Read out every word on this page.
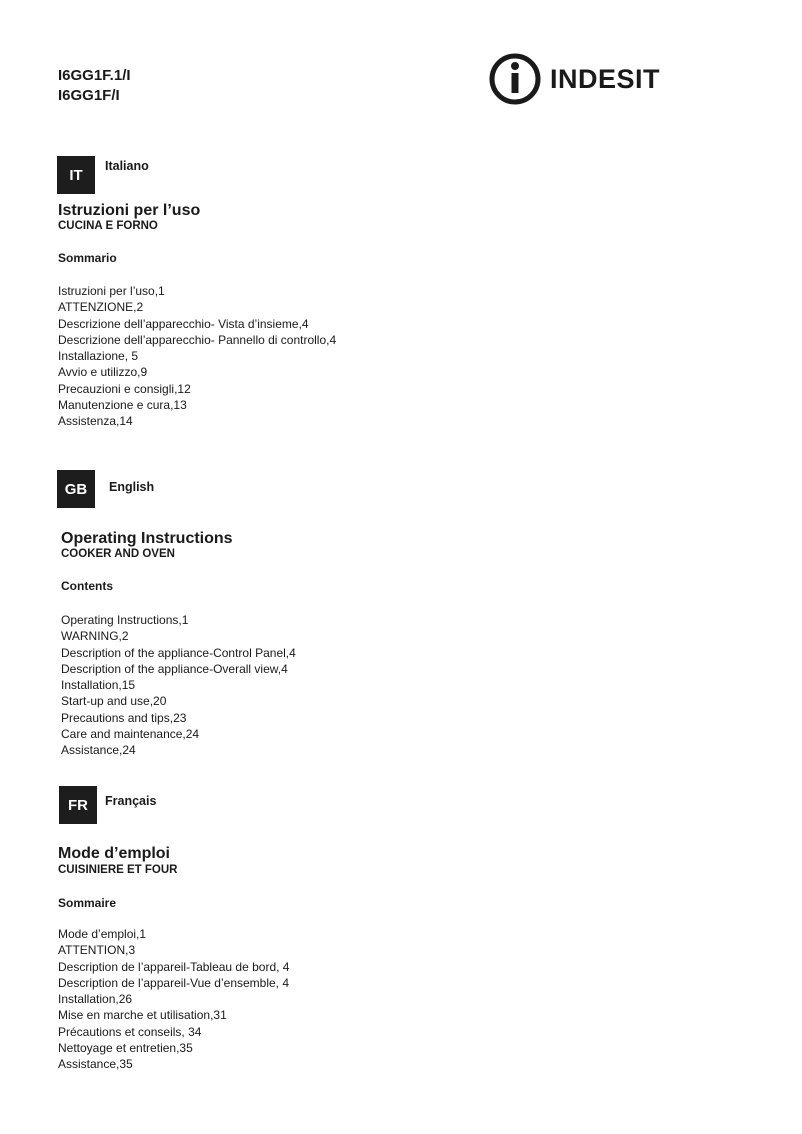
I6GG1F.1/I
I6GG1F/I
INDESIT
IT
Italiano
Istruzioni per l’uso
CUCINA E FORNO
Sommario
Istruzioni per l’uso,1
ATTENZIONE,2
Descrizione dell’apparecchio- Vista d’insieme,4
Descrizione dell’apparecchio- Pannello di controllo,4
Installazione, 5
Avvio e utilizzo,9
Precauzioni e consigli,12
Manutenzione e cura,13
Assistenza,14
GB	English
Operating Instructions
COOKER AND OVEN
Contents
Operating Instructions,1
WARNING,2
Description of the appliance-Control Panel,4
Description of the appliance-Overall view,4
Installation,15
Start-up and use,20
Precautions and tips,23
Care and maintenance,24
Assistance,24
FR	Français
Mode d’emploi
CUISINIERE ET FOUR
Sommaire
Mode d’emploi,1
ATTENTION,3
Description de l’appareil-Tableau de bord, 4
Description de l’appareil-Vue d’ensemble, 4
Installation,26
Mise en marche et utilisation,31
Précautions et conseils, 34
Nettoyage et entretien,35
Assistance,35
